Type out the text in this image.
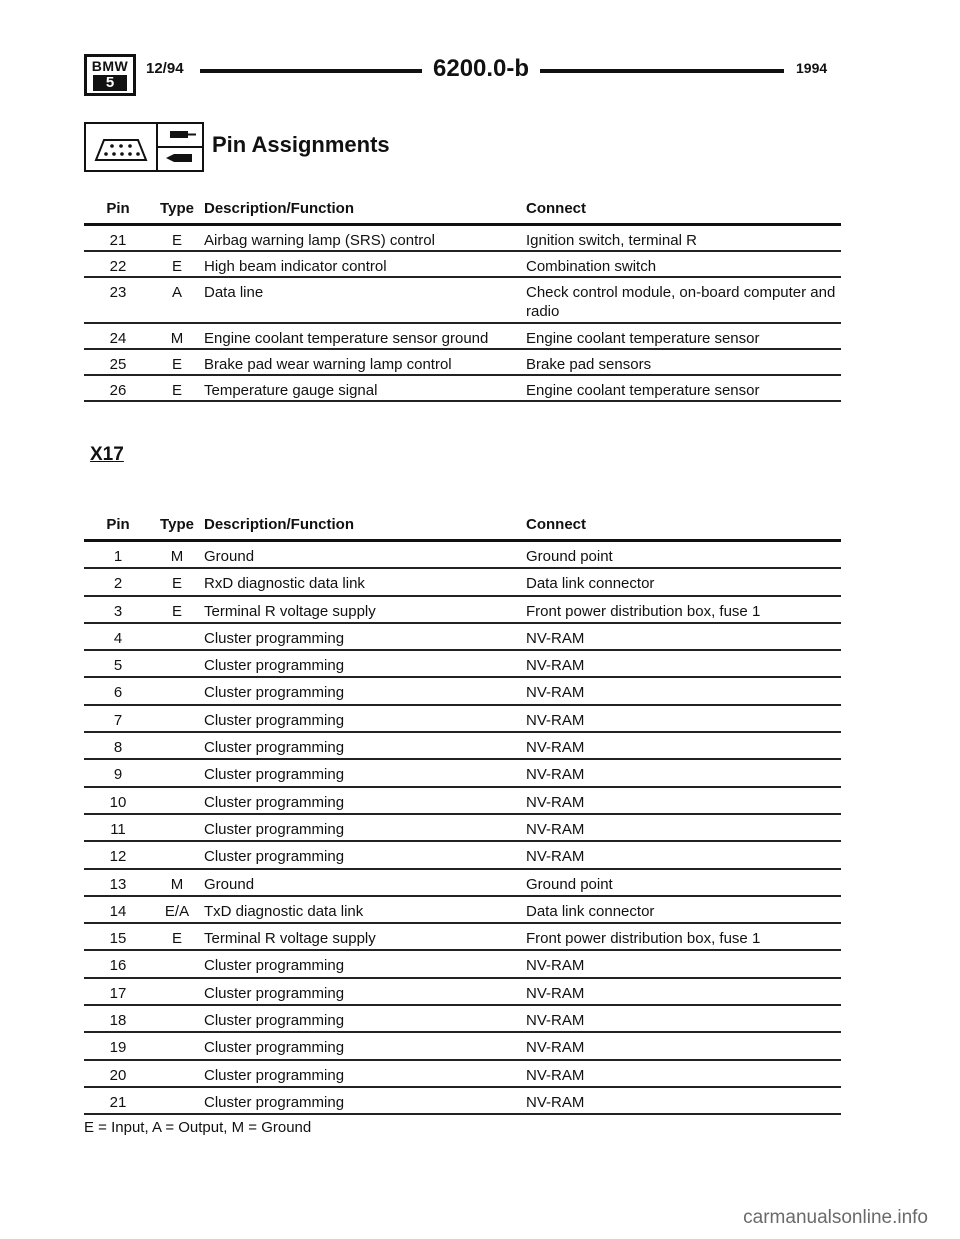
BMW
5
12/94	6200.0-b	1994
Pin Assignments
Pin	Type	Description/Function	Connect
21	E	Airbag warning lamp (SRS) control	Ignition switch, terminal R
22	E	High beam indicator control	Combination switch
23	A	Data line	Check control module, on-board computer and radio
24	M	Engine coolant temperature sensor ground	Engine coolant temperature sensor
25	E	Brake pad wear warning lamp control	Brake pad sensors
26	E	Temperature gauge signal	Engine coolant temperature sensor
X17
Pin	Type	Description/Function	Connect
1	M	Ground	Ground point
2	E	RxD diagnostic data link	Data link connector
3	E	Terminal R voltage supply	Front power distribution box, fuse 1
4		Cluster programming	NV-RAM
5		Cluster programming	NV-RAM
6		Cluster programming	NV-RAM
7		Cluster programming	NV-RAM
8		Cluster programming	NV-RAM
9		Cluster programming	NV-RAM
10		Cluster programming	NV-RAM
11		Cluster programming	NV-RAM
12		Cluster programming	NV-RAM
13	M	Ground	Ground point
14	E/A	TxD diagnostic data link	Data link connector
15	E	Terminal R voltage supply	Front power distribution box, fuse 1
16		Cluster programming	NV-RAM
17		Cluster programming	NV-RAM
18		Cluster programming	NV-RAM
19		Cluster programming	NV-RAM
20		Cluster programming	NV-RAM
21		Cluster programming	NV-RAM
E = Input, A = Output, M = Ground
carmanualsonline.info
